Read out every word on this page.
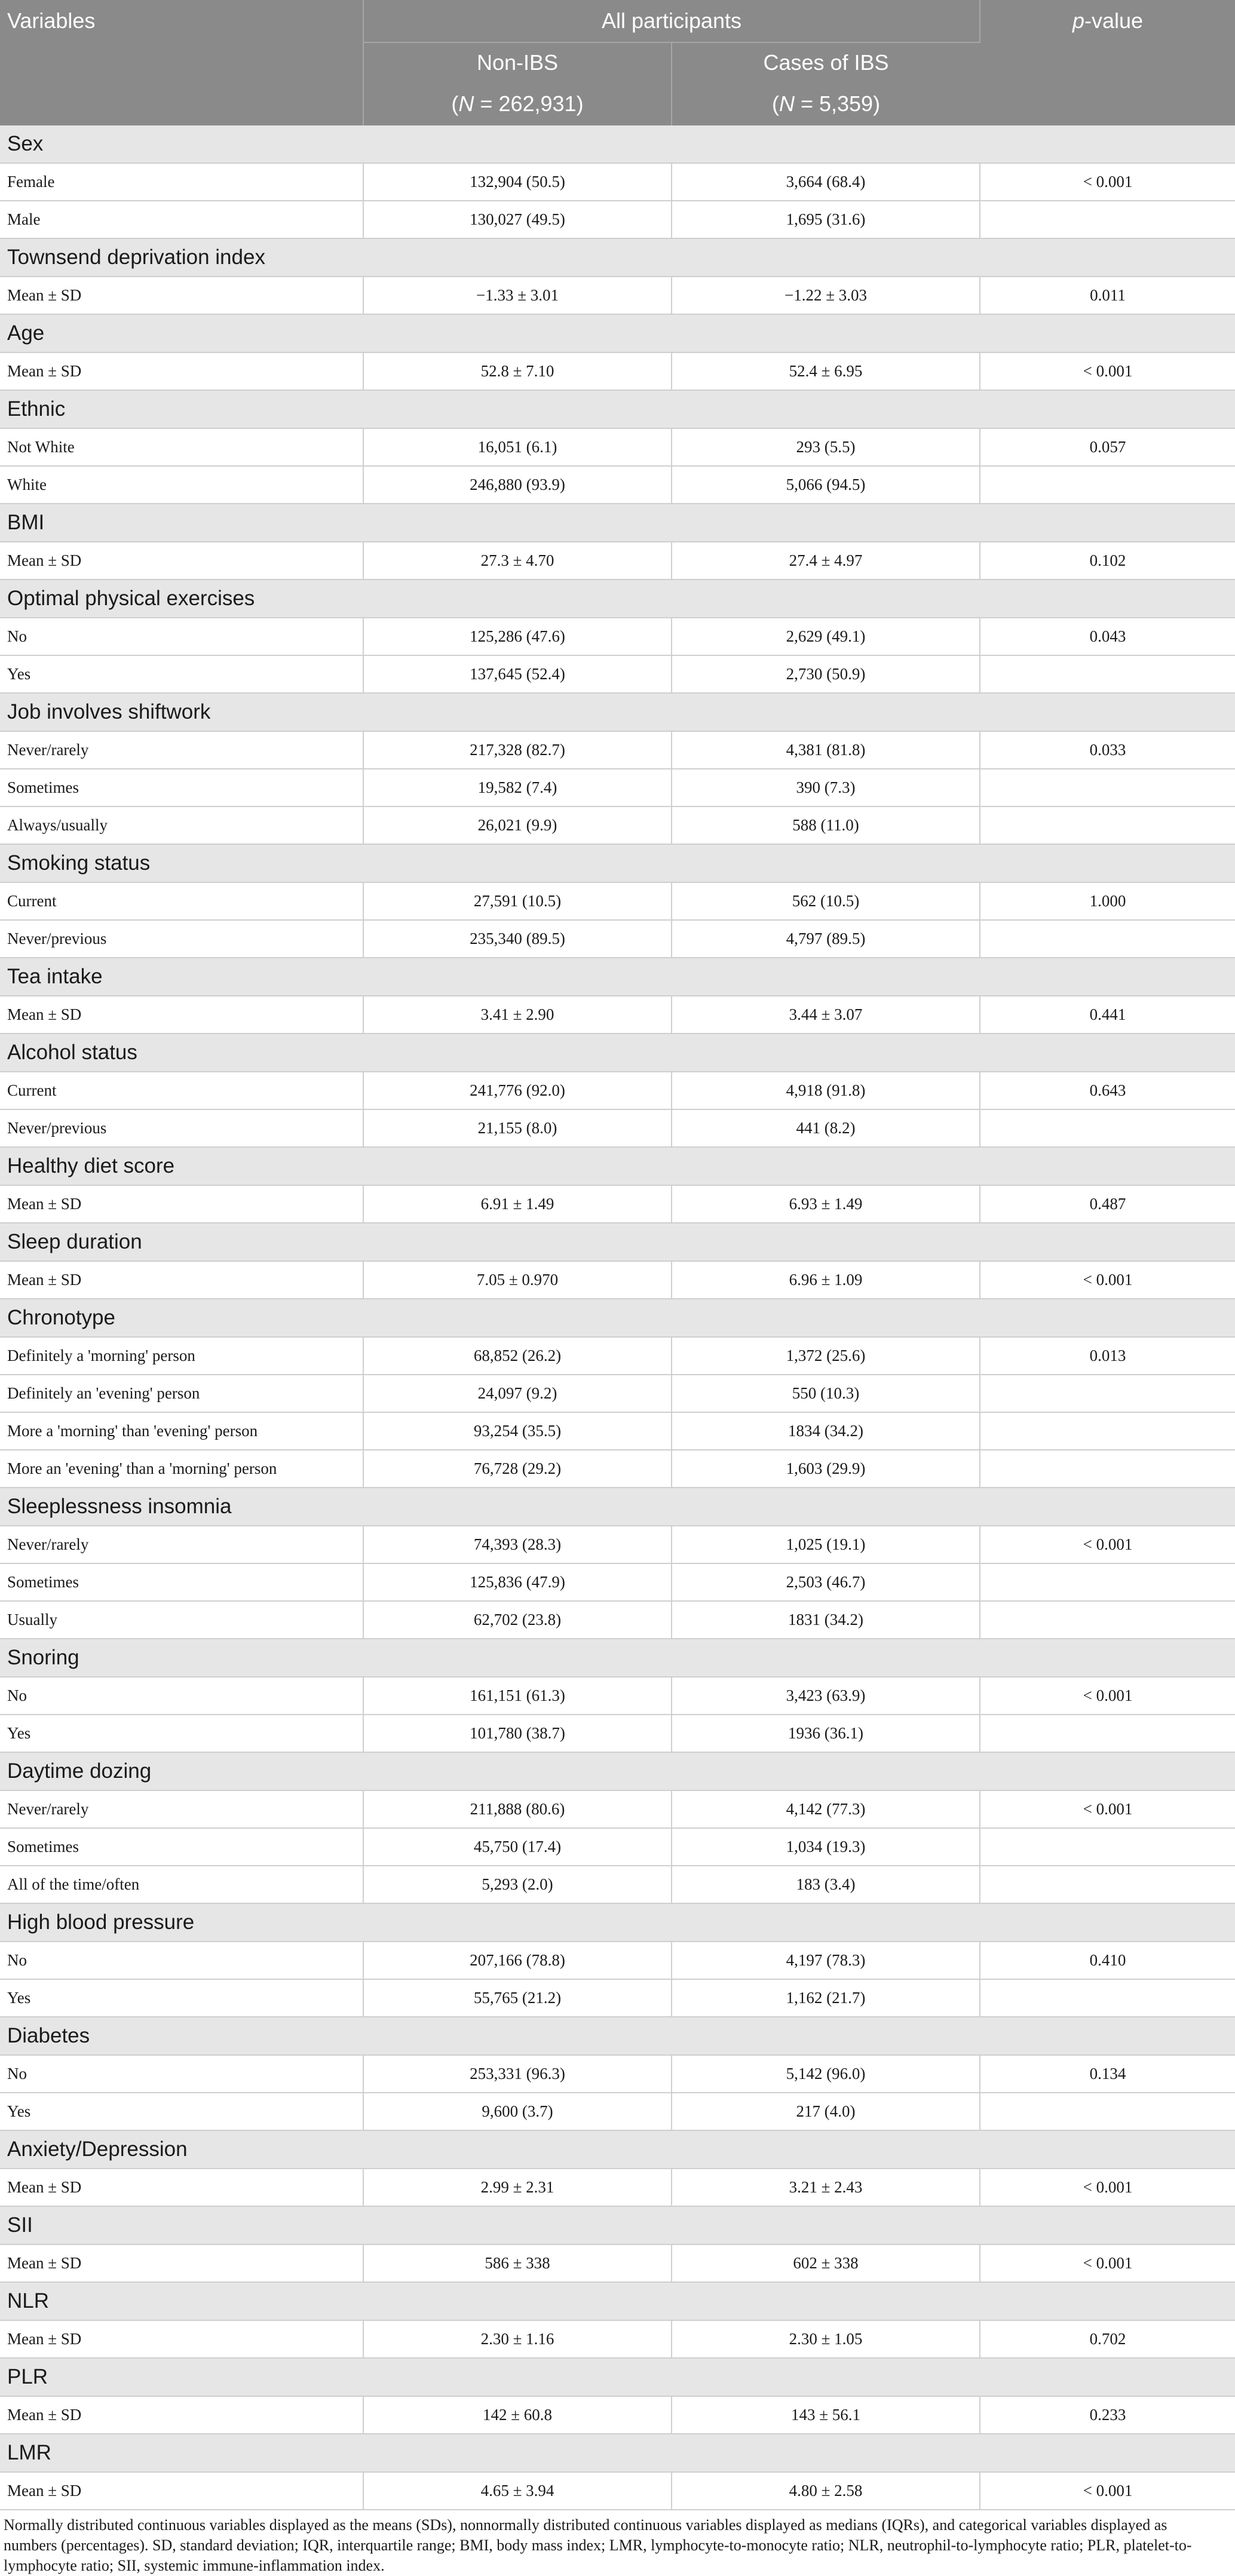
Variables	All participants		p-value
	Non-IBS	Cases of IBS	
	(N = 262,931)	(N = 5,359)	
Sex			
Female	132,904 (50.5)	3,664 (68.4)	< 0.001
Male	130,027 (49.5)	1,695 (31.6)	
Townsend deprivation index			
Mean ± SD	−1.33 ± 3.01	−1.22 ± 3.03	0.011
Age			
Mean ± SD	52.8 ± 7.10	52.4 ± 6.95	< 0.001
Ethnic			
Not White	16,051 (6.1)	293 (5.5)	0.057
White	246,880 (93.9)	5,066 (94.5)	
BMI			
Mean ± SD	27.3 ± 4.70	27.4 ± 4.97	0.102
Optimal physical exercises			
No	125,286 (47.6)	2,629 (49.1)	0.043
Yes	137,645 (52.4)	2,730 (50.9)	
Job involves shiftwork			
Never/rarely	217,328 (82.7)	4,381 (81.8)	0.033
Sometimes	19,582 (7.4)	390 (7.3)	
Always/usually	26,021 (9.9)	588 (11.0)	
Smoking status			
Current	27,591 (10.5)	562 (10.5)	1.000
Never/previous	235,340 (89.5)	4,797 (89.5)	
Tea intake			
Mean ± SD	3.41 ± 2.90	3.44 ± 3.07	0.441
Alcohol status			
Current	241,776 (92.0)	4,918 (91.8)	0.643
Never/previous	21,155 (8.0)	441 (8.2)	
Healthy diet score			
Mean ± SD	6.91 ± 1.49	6.93 ± 1.49	0.487
Sleep duration			
Mean ± SD	7.05 ± 0.970	6.96 ± 1.09	< 0.001
Chronotype			
Definitely a 'morning' person	68,852 (26.2)	1,372 (25.6)	0.013
Definitely an 'evening' person	24,097 (9.2)	550 (10.3)	
More a 'morning' than 'evening' person	93,254 (35.5)	1834 (34.2)	
More an 'evening' than a 'morning' person	76,728 (29.2)	1,603 (29.9)	
Sleeplessness insomnia			
Never/rarely	74,393 (28.3)	1,025 (19.1)	< 0.001
Sometimes	125,836 (47.9)	2,503 (46.7)	
Usually	62,702 (23.8)	1831 (34.2)	
Snoring			
No	161,151 (61.3)	3,423 (63.9)	< 0.001
Yes	101,780 (38.7)	1936 (36.1)	
Daytime dozing			
Never/rarely	211,888 (80.6)	4,142 (77.3)	< 0.001
Sometimes	45,750 (17.4)	1,034 (19.3)	
All of the time/often	5,293 (2.0)	183 (3.4)	
High blood pressure			
No	207,166 (78.8)	4,197 (78.3)	0.410
Yes	55,765 (21.2)	1,162 (21.7)	
Diabetes			
No	253,331 (96.3)	5,142 (96.0)	0.134
Yes	9,600 (3.7)	217 (4.0)	
Anxiety/Depression			
Mean ± SD	2.99 ± 2.31	3.21 ± 2.43	< 0.001
SII			
Mean ± SD	586 ± 338	602 ± 338	< 0.001
NLR			
Mean ± SD	2.30 ± 1.16	2.30 ± 1.05	0.702
PLR			
Mean ± SD	142 ± 60.8	143 ± 56.1	0.233
LMR			
Mean ± SD	4.65 ± 3.94	4.80 ± 2.58	< 0.001
Normally distributed continuous variables displayed as the means (SDs), nonnormally distributed continuous variables displayed as medians (IQRs), and categorical variables displayed as numbers (percentages). SD, standard deviation; IQR, interquartile range; BMI, body mass index; LMR, lymphocyte-to-monocyte ratio; NLR, neutrophil-to-lymphocyte ratio; PLR, platelet-to-lymphocyte ratio; SII, systemic immune-inflammation index.
